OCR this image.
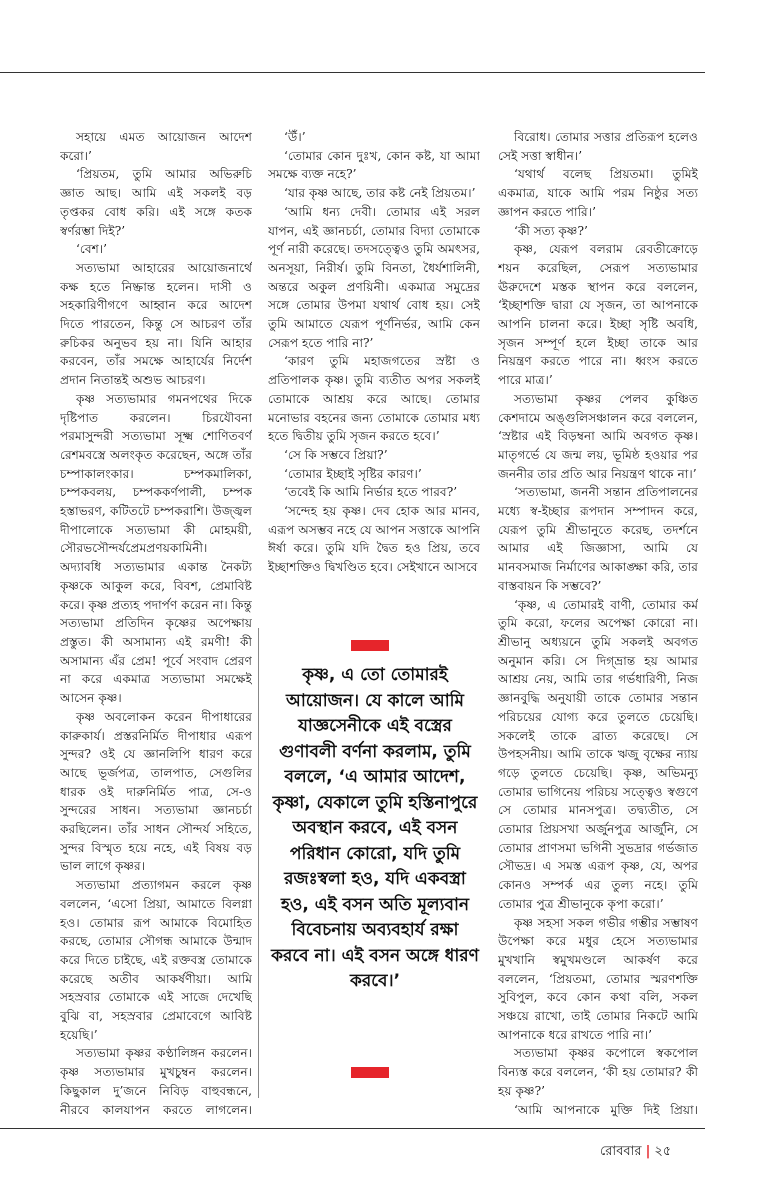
সহায়ে এমত আয়োজন আদেশ করো।’

‘প্রিয়তম, তুমি আমার অভিরুচি জ্ঞাত আছ। আমি এই সকলই বড় তৃপ্তকর বোধ করি। এই সঙ্গে কতক স্বর্ণরম্ভা দিই?’

‘বেশ।’

সত্যভামা আহারের আয়োজনার্থে কক্ষ হতে নিষ্ক্রান্ত হলেন। দাসী ও সহকারিণীগণে আহ্বান করে আদেশ দিতে পারতেন, কিন্তু সে আচরণ তাঁর রুচিকর অনুভব হয় না। যিনি আহার করবেন, তাঁর সমক্ষে আহার্যের নির্দেশ প্রদান নিতান্তই অশুভ আচরণ।

কৃষ্ণ সত্যভামার গমনপথের দিকে দৃষ্টিপাত করলেন। চিরযৌবনা পরমাসুন্দরী সত্যভামা সূক্ষ্ম শোণিতবর্ণ রেশমবস্ত্রে অলংকৃত করেছেন, অঙ্গে তাঁর চম্পাকালংকার। চম্পকমালিকা, চম্পকবলয়, চম্পককর্ণপালী, চম্পক হস্তাভরণ, কটিতটে চম্পকরাশি। উজ্জ্বল দীপালোকে সত্যভামা কী মোহময়ী, সৌরভসৌন্দর্যপ্রেমপ্রণয়কামিনী। অদ্যাবধি সত্যভামার একান্ত নৈকট্য কৃষ্ণকে আকুল করে, বিবশ, প্রেমাবিষ্ট করে। কৃষ্ণ প্রত্যহ পদার্পণ করেন না। কিন্তু সত্যভামা প্রতিদিন কৃষ্ণের অপেক্ষায় প্রস্তুত। কী অসামান্য এই রমণী! কী অসামান্য এঁর প্রেম! পূর্বে সংবাদ প্রেরণ না করে একমাত্র সত্যভামা সমক্ষেই আসেন কৃষ্ণ।

কৃষ্ণ অবলোকন করেন দীপাধারের কারুকার্য। প্রস্তরনির্মিত দীপাধার এরূপ সুন্দর? ওই যে জ্ঞানলিপি ধারণ করে আছে ভূর্জপত্র, তালপাত, সেগুলির ধারক ওই দারুনির্মিত পাত্র, সে-ও সুন্দরের সাধন। সত্যভামা জ্ঞানচর্চা করছিলেন। তাঁর সাধন সৌন্দর্য সহিতে, সুন্দর বিস্মৃত হয়ে নহে, এই বিষয় বড় ভাল লাগে কৃষ্ণর।

সত্যভামা প্রত্যাগমন করলে কৃষ্ণ বললেন, ‘এসো প্রিয়া, আমাতে বিলগ্না হও। তোমার রূপ আমাকে বিমোহিত করছে, তোমার সৌগন্ধ আমাকে উন্মাদ করে দিতে চাইছে, এই রক্তবস্ত্র তোমাকে করেছে অতীব আকর্ষণীয়া। আমি সহস্রবার তোমাকে এই সাজে দেখেছি বুঝি বা, সহস্রবার প্রেমাবেগে আবিষ্ট হয়েছি।’

সত্যভামা কৃষ্ণর কণ্ঠালিঙ্গন করলেন। কৃষ্ণ সত্যভামার মুখচুম্বন করলেন। কিছুকাল দু’জনে নিবিড় বাহুবন্ধনে, নীরবে কালযাপন করতে লাগলেন।

‘উঁ।’

‘তোমার কোন দুঃখ, কোন কষ্ট, যা আমা সমক্ষে ব্যক্ত নহে?’

‘যার কৃষ্ণ আছে, তার কষ্ট নেই প্রিয়তম।’

‘আমি ধন্য দেবী। তোমার এই সরল যাপন, এই জ্ঞানচর্চা, তোমার বিদ্যা তোমাকে পূর্ণ নারী করেছে। তদসত্ত্বেও তুমি অমৎসর, অনসূয়া, নিরীর্ষ। তুমি বিনতা, ধৈর্যশালিনী, অন্তরে অকুল প্রণয়িনী। একমাত্র সমুদ্রের সঙ্গে তোমার উপমা যথার্থ বোধ হয়। সেই তুমি আমাতে যেরূপ পূর্ণনির্ভর, আমি কেন সেরূপ হতে পারি না?’

‘কারণ তুমি মহাজগতের স্রষ্টা ও প্রতিপালক কৃষ্ণ। তুমি ব্যতীত অপর সকলই তোমাকে আশ্রয় করে আছে। তোমার মনোভার বহনের জন্য তোমাকে তোমার মধ্য হতে দ্বিতীয় তুমি সৃজন করতে হবে।’

‘সে কি সম্ভবে প্রিয়া?’

‘তোমার ইচ্ছাই সৃষ্টির কারণ।’

‘তবেই কি আমি নির্ভার হতে পারব?’

‘সন্দেহ হয় কৃষ্ণ। দেব হোক আর মানব, এরূপ অসম্ভব নহে যে আপন সত্তাকে আপনি ঈর্ষা করে। তুমি যদি দ্বৈত হও প্রিয়, তবে ইচ্ছাশক্তিও দ্বিখণ্ডিত হবে। সেইখানে আসবে

কৃষ্ণ, এ তো তোমারই আয়োজন। যে কালে আমি যাজ্ঞসেনীকে এই বস্ত্রের গুণাবলী বর্ণনা করলাম, তুমি বললে, ‘এ আমার আদেশ, কৃষ্ণা, যেকালে তুমি হস্তিনাপুরে অবস্থান করবে, এই বসন পরিধান কোরো, যদি তুমি রজঃস্বলা হও, যদি একবস্ত্রা হও, এই বসন অতি মূল্যবান বিবেচনায় অব্যবহার্য রক্ষা করবে না। এই বসন অঙ্গে ধারণ করবে।’

বিরোধ। তোমার সত্তার প্রতিরূপ হলেও সেই সত্তা স্বাধীন।’

‘যথার্থ বলেছ প্রিয়তমা। তুমিই একমাত্র, যাকে আমি পরম নিষ্ঠুর সত্য জ্ঞাপন করতে পারি।’

‘কী সত্য কৃষ্ণ?’

কৃষ্ণ, যেরূপ বলরাম রেবতীক্রোড়ে শয়ন করেছিল, সেরূপ সত্যভামার ঊরুদেশে মস্তক স্থাপন করে বললেন, ‘ইচ্ছাশক্তি দ্বারা যে সৃজন, তা আপনাকে আপনি চালনা করে। ইচ্ছা সৃষ্টি অবধি, সৃজন সম্পূর্ণ হলে ইচ্ছা তাকে আর নিয়ন্ত্রণ করতে পারে না। ধ্বংস করতে পারে মাত্র।’

সত্যভামা কৃষ্ণর পেলব কুঞ্চিত কেশদামে অঙ্গুলিসঞ্চালন করে বললেন, ‘স্রষ্টার এই বিড়ম্বনা আমি অবগত কৃষ্ণ। মাতৃগর্ভে যে জন্ম লয়, ভূমিষ্ঠ হওয়ার পর জননীর তার প্রতি আর নিয়ন্ত্রণ থাকে না।’

‘সত্যভামা, জননী সন্তান প্রতিপালনের মধ্যে স্ব-ইচ্ছার রূপদান সম্পাদন করে, যেরূপ তুমি শ্রীভানুতে করেছ, তদর্শনে আমার এই জিজ্ঞাসা, আমি যে মানবসমাজ নির্মাণের আকাঙ্ক্ষা করি, তার বাস্তবায়ন কি সম্ভবে?’

‘কৃষ্ণ, এ তোমারই বাণী, তোমার কর্ম তুমি করো, ফলের অপেক্ষা কোরো না। শ্রীভানু অধ্যয়নে তুমি সকলই অবগত অনুমান করি। সে দিগ্‌ভ্রান্ত হয় আমার আশ্রয় নেয়, আমি তার গর্ভধারিণী, নিজ জ্ঞানবুদ্ধি অনুযায়ী তাকে তোমার সন্তান পরিচয়ের যোগ্য করে তুলতে চেয়েছি। সকলেই তাকে ব্রাত্য করেছে। সে উপহসনীয়। আমি তাকে ঋজু বৃক্ষের ন্যায় গড়ে তুলতে চেয়েছি। কৃষ্ণ, অভিমন্যু তোমার ভাগিনেয় পরিচয় সত্ত্বেও স্বগুণে সে তোমার মানসপুত্র। তদ্ব্যতীত, সে তোমার প্রিয়সখা অর্জুনপুত্র আর্জুনি, সে তোমার প্রাণসমা ভগিনী সুভদ্রার গর্ভজাত সৌভদ্র। এ সমস্ত এরূপ কৃষ্ণ, যে, অপর কোনও সম্পর্ক এর তুল্য নহে। তুমি তোমার পুত্র শ্রীভানুকে কৃপা করো।’

কৃষ্ণ সহসা সকল গভীর গম্ভীর সম্ভাষণ উপেক্ষা করে মধুর হেসে সত্যভামার মুখখানি স্বমুখমণ্ডলে আকর্ষণ করে বললেন, ‘প্রিয়তমা, তোমার স্মরণশক্তি সুবিপুল, কবে কোন কথা বলি, সকল সঞ্চয়ে রাখো, তাই তোমার নিকটে আমি আপনাকে ধরে রাখতে পারি না।’

সত্যভামা কৃষ্ণর কপোলে স্বকপোল বিন্যস্ত করে বললেন, ‘কী হয় তোমার? কী হয় কৃষ্ণ?’

‘আমি আপনাকে মুক্তি দিই প্রিয়া।

রোববার | ২৫
